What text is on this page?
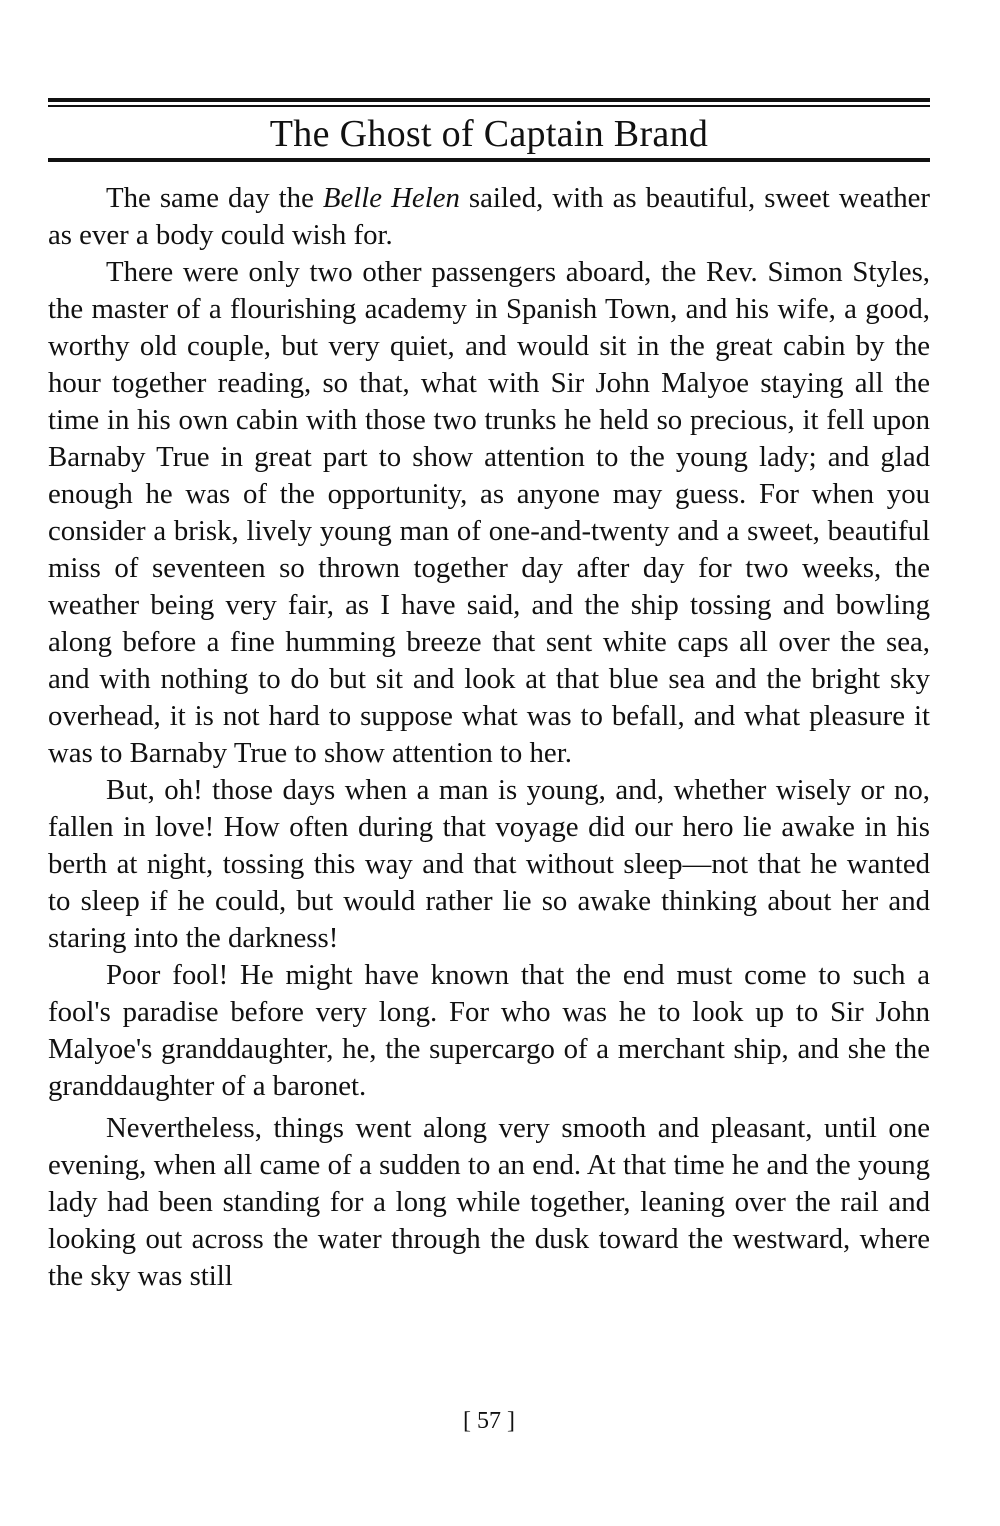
The Ghost of Captain Brand

The same day the Belle Helen sailed, with as beautiful, sweet weather as ever a body could wish for.

There were only two other passengers aboard, the Rev. Simon Styles, the master of a flourishing academy in Spanish Town, and his wife, a good, worthy old couple, but very quiet, and would sit in the great cabin by the hour together reading, so that, what with Sir John Malyoe staying all the time in his own cabin with those two trunks he held so precious, it fell upon Barnaby True in great part to show attention to the young lady; and glad enough he was of the opportunity, as anyone may guess. For when you consider a brisk, lively young man of one-and-twenty and a sweet, beautiful miss of seventeen so thrown together day after day for two weeks, the weather being very fair, as I have said, and the ship tossing and bowling along before a fine humming breeze that sent white caps all over the sea, and with nothing to do but sit and look at that blue sea and the bright sky overhead, it is not hard to suppose what was to befall, and what pleasure it was to Barnaby True to show attention to her.

But, oh! those days when a man is young, and, whether wisely or no, fallen in love! How often during that voyage did our hero lie awake in his berth at night, tossing this way and that without sleep—not that he wanted to sleep if he could, but would rather lie so awake thinking about her and staring into the darkness!

Poor fool! He might have known that the end must come to such a fool's paradise before very long. For who was he to look up to Sir John Malyoe's granddaughter, he, the supercargo of a merchant ship, and she the granddaughter of a baronet.

Nevertheless, things went along very smooth and pleasant, until one evening, when all came of a sudden to an end. At that time he and the young lady had been standing for a long while together, leaning over the rail and looking out across the water through the dusk toward the westward, where the sky was still

[ 57 ]
